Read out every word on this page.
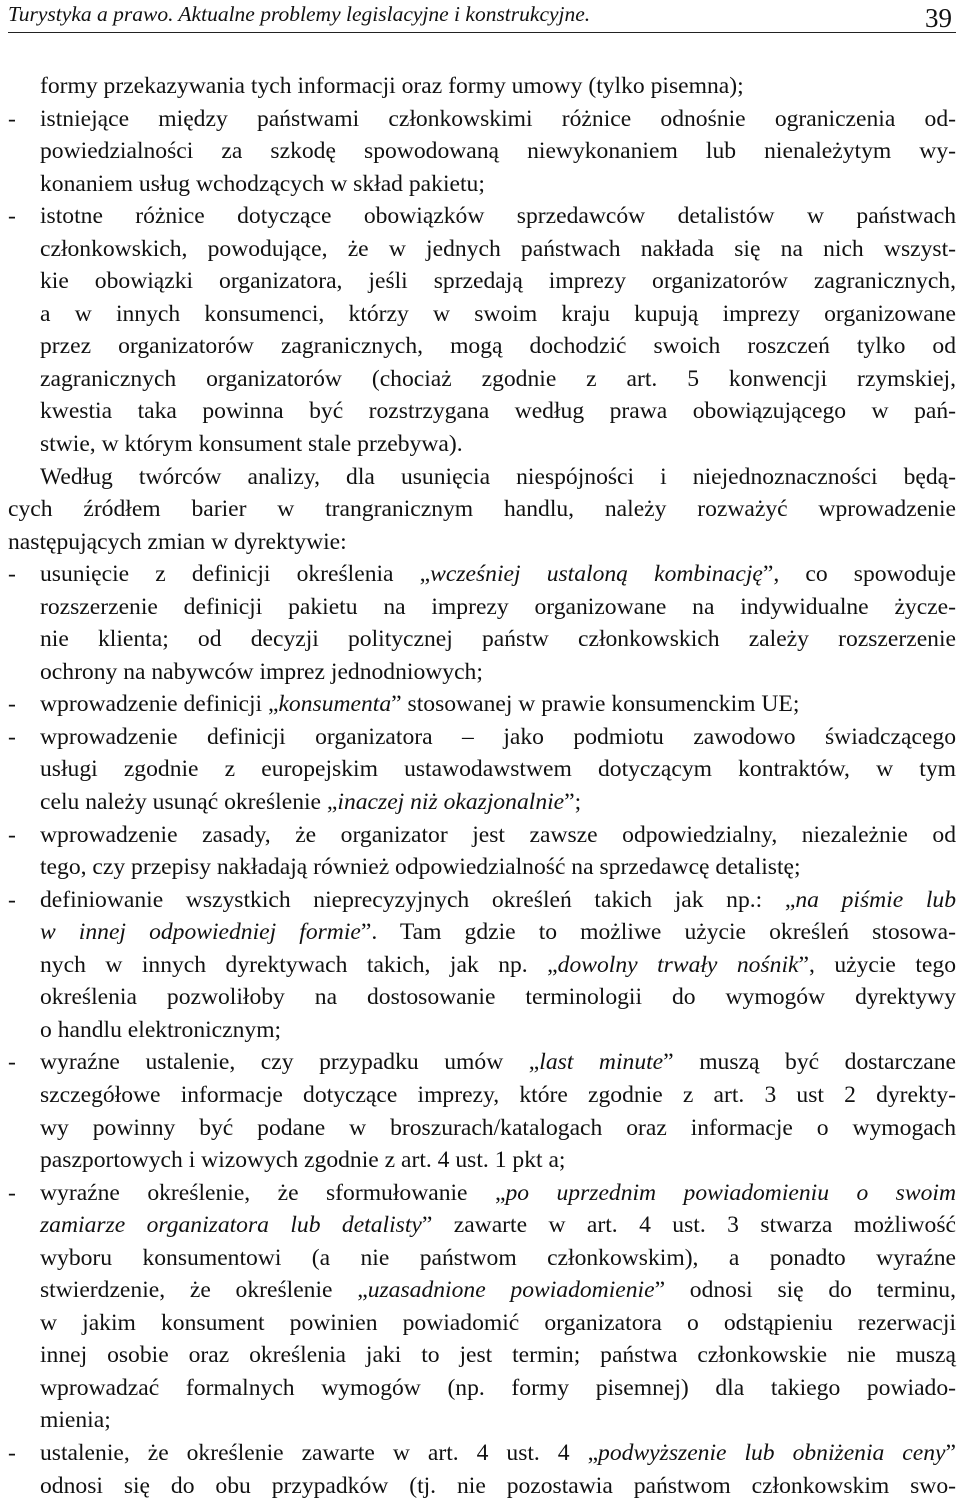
Turystyka a prawo. Aktualne problemy legislacyjne i konstrukcyjne.	39
formy przekazywania tych informacji oraz formy umowy (tylko pisemna);
- istniejące między państwami członkowskimi różnice odnośnie ograniczenia od-
powiedzialności za szkodę spowodowaną niewykonaniem lub nienależytym wy-
konaniem usług wchodzących w skład pakietu;
- istotne różnice dotyczące obowiązków sprzedawców detalistów w państwach
członkowskich, powodujące, że w jednych państwach nakłada się na nich wszyst-
kie obowiązki organizatora, jeśli sprzedają imprezy organizatorów zagranicznych,
a w innych konsumenci, którzy w swoim kraju kupują imprezy organizowane
przez organizatorów zagranicznych, mogą dochodzić swoich roszczeń tylko od
zagranicznych organizatorów (chociaż zgodnie z art. 5 konwencji rzymskiej,
kwestia taka powinna być rozstrzygana według prawa obowiązującego w pań-
stwie, w którym konsument stale przebywa).
Według twórców analizy, dla usunięcia niespójności i niejednoznaczności będą-
cych źródłem barier w trangranicznym handlu, należy rozważyć wprowadzenie
następujących zmian w dyrektywie:
- usunięcie z definicji określenia „wcześniej ustaloną kombinację”, co spowoduje
rozszerzenie definicji pakietu na imprezy organizowane na indywidualne życze-
nie klienta; od decyzji politycznej państw członkowskich zależy rozszerzenie
ochrony na nabywców imprez jednodniowych;
- wprowadzenie definicji „konsumenta” stosowanej w prawie konsumenckim UE;
- wprowadzenie definicji organizatora – jako podmiotu zawodowo świadczącego
usługi zgodnie z europejskim ustawodawstwem dotyczącym kontraktów, w tym
celu należy usunąć określenie „inaczej niż okazjonalnie”;
- wprowadzenie zasady, że organizator jest zawsze odpowiedzialny, niezależnie od
tego, czy przepisy nakładają również odpowiedzialność na sprzedawcę detalistę;
- definiowanie wszystkich nieprecyzyjnych określeń takich jak np.: „na piśmie lub
w innej odpowiedniej formie”. Tam gdzie to możliwe użycie określeń stosowa-
nych w innych dyrektywach takich, jak np. „dowolny trwały nośnik”, użycie tego
określenia pozwoliłoby na dostosowanie terminologii do wymogów dyrektywy
o handlu elektronicznym;
- wyraźne ustalenie, czy przypadku umów „last minute” muszą być dostarczane
szczegółowe informacje dotyczące imprezy, które zgodnie z art. 3 ust 2 dyrekty-
wy powinny być podane w broszurach/katalogach oraz informacje o wymogach
paszportowych i wizowych zgodnie z art. 4 ust. 1 pkt a;
- wyraźne określenie, że sformułowanie „po uprzednim powiadomieniu o swoim
zamiarze organizatora lub detalisty” zawarte w art. 4 ust. 3 stwarza możliwość
wyboru konsumentowi (a nie państwom członkowskim), a ponadto wyraźne
stwierdzenie, że określenie „uzasadnione powiadomienie” odnosi się do terminu,
w jakim konsument powinien powiadomić organizatora o odstąpieniu rezerwacji
innej osobie oraz określenia jaki to jest termin; państwa członkowskie nie muszą
wprowadzać formalnych wymogów (np. formy pisemnej) dla takiego powiado-
mienia;
- ustalenie, że określenie zawarte w art. 4 ust. 4 „podwyższenie lub obniżenia ceny”
odnosi się do obu przypadków (tj. nie pozostawia państwom członkowskim swo-
